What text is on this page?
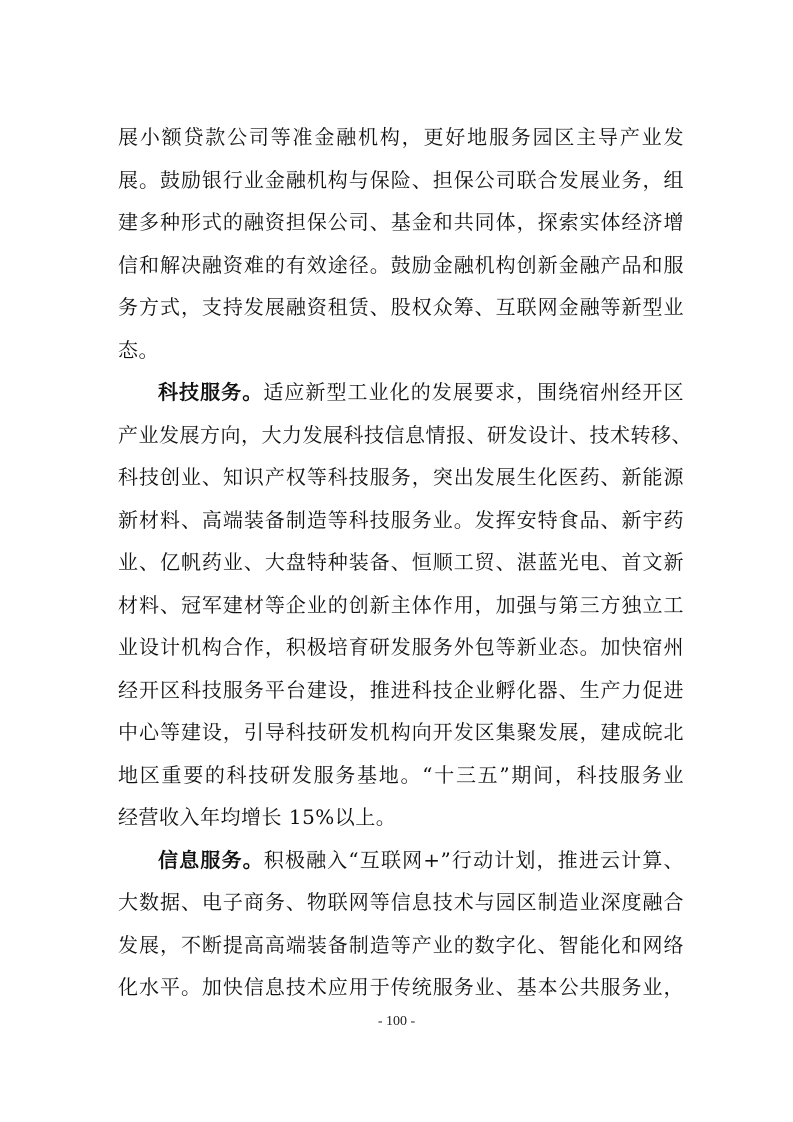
展小额贷款公司等准金融机构，更好地服务园区主导产业发
展。鼓励银行业金融机构与保险、担保公司联合发展业务，组
建多种形式的融资担保公司、基金和共同体，探索实体经济增
信和解决融资难的有效途径。鼓励金融机构创新金融产品和服
务方式，支持发展融资租赁、股权众筹、互联网金融等新型业
态。
科技服务。适应新型工业化的发展要求，围绕宿州经开区
产业发展方向，大力发展科技信息情报、研发设计、技术转移、
科技创业、知识产权等科技服务，突出发展生化医药、新能源
新材料、高端装备制造等科技服务业。发挥安特食品、新宇药
业、亿帆药业、大盘特种装备、恒顺工贸、湛蓝光电、首文新
材料、冠军建材等企业的创新主体作用，加强与第三方独立工
业设计机构合作，积极培育研发服务外包等新业态。加快宿州
经开区科技服务平台建设，推进科技企业孵化器、生产力促进
中心等建设，引导科技研发机构向开发区集聚发展，建成皖北
地区重要的科技研发服务基地。“十三五”期间，科技服务业
经营收入年均增长 15%以上。
信息服务。积极融入“互联网+”行动计划，推进云计算、
大数据、电子商务、物联网等信息技术与园区制造业深度融合
发展，不断提高高端装备制造等产业的数字化、智能化和网络
化水平。加快信息技术应用于传统服务业、基本公共服务业，
- 100 -
